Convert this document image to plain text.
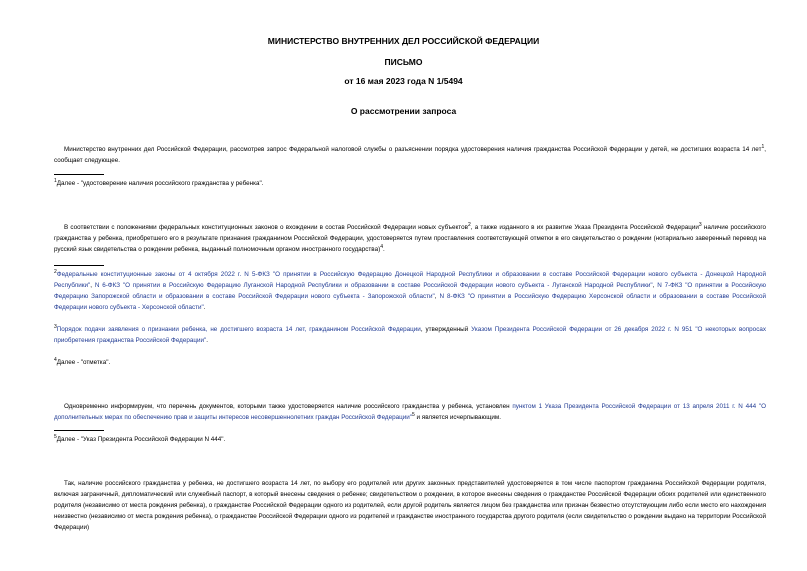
МИНИСТЕРСТВО ВНУТРЕННИХ ДЕЛ РОССИЙСКОЙ ФЕДЕРАЦИИ
ПИСЬМО
от 16 мая 2023 года N 1/5494
О рассмотрении запроса
Министерство внутренних дел Российской Федерации, рассмотрев запрос Федеральной налоговой службы о разъяснении порядка удостоверения наличия гражданства Российской Федерации у детей, не достигших возраста 14 лет$^1$, сообщает следующее.
$^1$Далее - "удостоверение наличия российского гражданства у ребенка".
В соответствии с положениями федеральных конституционных законов о вхождении в состав Российской Федерации новых субъектов$^2$, а также изданного в их развитие Указа Президента Российской Федерации$^3$ наличие российского гражданства у ребенка, приобретшего его в результате признания гражданином Российской Федерации, удостоверяется путем проставления соответствующей отметки в его свидетельство о рождении (нотариально заверенный перевод на русский язык свидетельства о рождении ребенка, выданный полномочным органом иностранного государства)$^4$.
$^2$Федеральные конституционные законы от 4 октября 2022 г. N 5-ФКЗ "О принятии в Российскую Федерацию Донецкой Народной Республики и образовании в составе Российской Федерации нового субъекта - Донецкой Народной Республики", N 6-ФКЗ "О принятии в Российскую Федерацию Луганской Народной Республики и образовании в составе Российской Федерации нового субъекта - Луганской Народной Республики", N 7-ФКЗ "О принятии в Российскую Федерацию Запорожской области и образовании в составе Российской Федерации нового субъекта - Запорожской области", N 8-ФКЗ "О принятии в Российскую Федерацию Херсонской области и образовании в составе Российской Федерации нового субъекта - Херсонской области".
$^3$Порядок подачи заявления о признании ребенка, не достигшего возраста 14 лет, гражданином Российской Федерации, утвержденный Указом Президента Российской Федерации от 26 декабря 2022 г. N 951 "О некоторых вопросах приобретения гражданства Российской Федерации".
$^4$Далее - "отметка".
Одновременно информируем, что перечень документов, которыми также удостоверяется наличие российского гражданства у ребенка, установлен пунктом 1 Указа Президента Российской Федерации от 13 апреля 2011 г. N 444 "О дополнительных мерах по обеспечению прав и защиты интересов несовершеннолетних граждан Российской Федерации"$^5$ и является исчерпывающим.
$^5$Далее - "Указ Президента Российской Федерации N 444".
Так, наличие российского гражданства у ребенка, не достигшего возраста 14 лет, по выбору его родителей или других законных представителей удостоверяется в том числе паспортом гражданина Российской Федерации родителя, включая заграничный, дипломатический или служебный паспорт, в который внесены сведения о ребенке; свидетельством о рождении, в которое внесены сведения о гражданстве Российской Федерации обоих родителей или единственного родителя (независимо от места рождения ребенка), о гражданстве Российской Федерации одного из родителей, если другой родитель является лицом без гражданства или признан безвестно отсутствующим либо если место его нахождения неизвестно (независимо от места рождения ребенка), о гражданстве Российской Федерации одного из родителей и гражданстве иностранного государства другого родителя (если свидетельство о рождении выдано на территории Российской Федерации)
